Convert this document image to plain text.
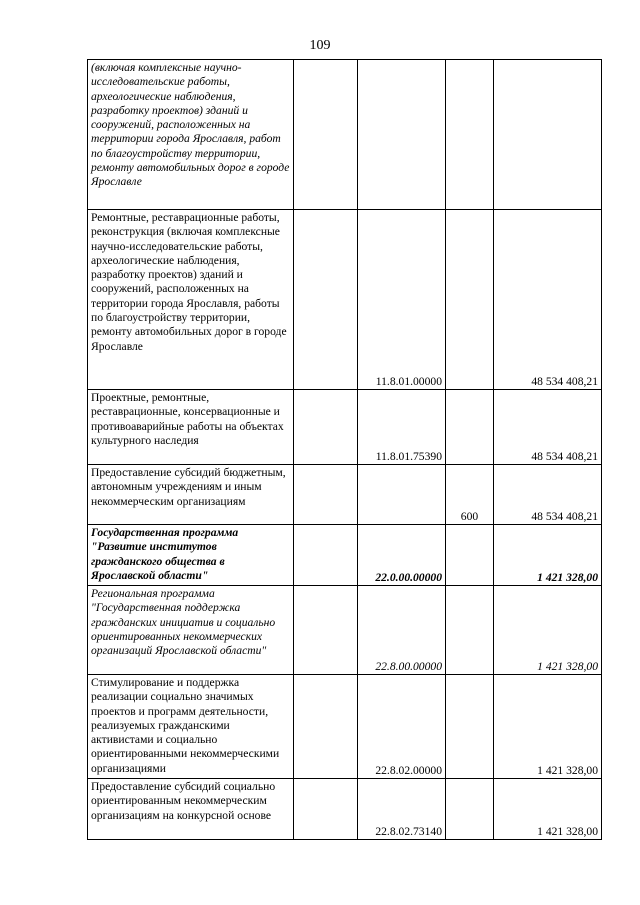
109
(включая комплексные научно-исследовательские работы, археологические наблюдения, разработку проектов) зданий и сооружений, расположенных на территории города Ярославля, работ по благоустройству территории, ремонту автомобильных дорог в городе Ярославле				
Ремонтные, реставрационные работы, реконструкция (включая комплексные научно-исследовательские работы, археологические наблюдения, разработку проектов) зданий и сооружений, расположенных на территории города Ярославля, работы по благоустройству территории, ремонту автомобильных дорог в городе Ярославле		11.8.01.00000		48 534 408,21
Проектные, ремонтные, реставрационные, консервационные и противоаварийные работы на объектах культурного наследия		11.8.01.75390		48 534 408,21
Предоставление субсидий бюджетным, автономным учреждениям и иным некоммерческим организациям			600	48 534 408,21
Государственная программа "Развитие институтов гражданского общества в Ярославской области"		22.0.00.00000		1 421 328,00
Региональная программа "Государственная поддержка гражданских инициатив и социально ориентированных некоммерческих организаций Ярославской области"		22.8.00.00000		1 421 328,00
Стимулирование и поддержка реализации социально значимых проектов и программ деятельности, реализуемых гражданскими активистами и социально ориентированными некоммерческими организациями		22.8.02.00000		1 421 328,00
Предоставление субсидий социально ориентированным некоммерческим организациям на конкурсной основе		22.8.02.73140		1 421 328,00
